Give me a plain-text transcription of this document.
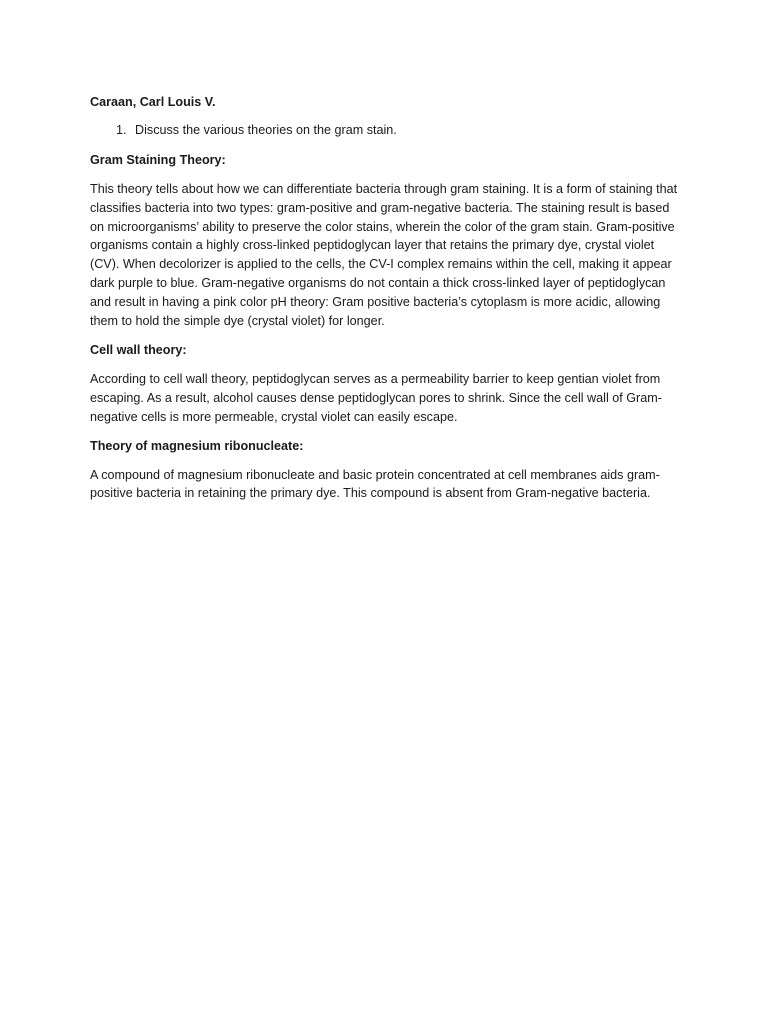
Caraan, Carl Louis V.

1. Discuss the various theories on the gram stain.

Gram Staining Theory:

This theory tells about how we can differentiate bacteria through gram staining. It is a form of staining that classifies bacteria into two types: gram-positive and gram-negative bacteria. The staining result is based on microorganisms’ ability to preserve the color stains, wherein the color of the gram stain. Gram-positive organisms contain a highly cross-linked peptidoglycan layer that retains the primary dye, crystal violet (CV). When decolorizer is applied to the cells, the CV-I complex remains within the cell, making it appear dark purple to blue. Gram-negative organisms do not contain a thick cross-linked layer of peptidoglycan and result in having a pink color pH theory: Gram positive bacteria’s cytoplasm is more acidic, allowing them to hold the simple dye (crystal violet) for longer.

Cell wall theory:

According to cell wall theory, peptidoglycan serves as a permeability barrier to keep gentian violet from escaping. As a result, alcohol causes dense peptidoglycan pores to shrink. Since the cell wall of Gram-negative cells is more permeable, crystal violet can easily escape.

Theory of magnesium ribonucleate:

A compound of magnesium ribonucleate and basic protein concentrated at cell membranes aids gram-positive bacteria in retaining the primary dye. This compound is absent from Gram-negative bacteria.
